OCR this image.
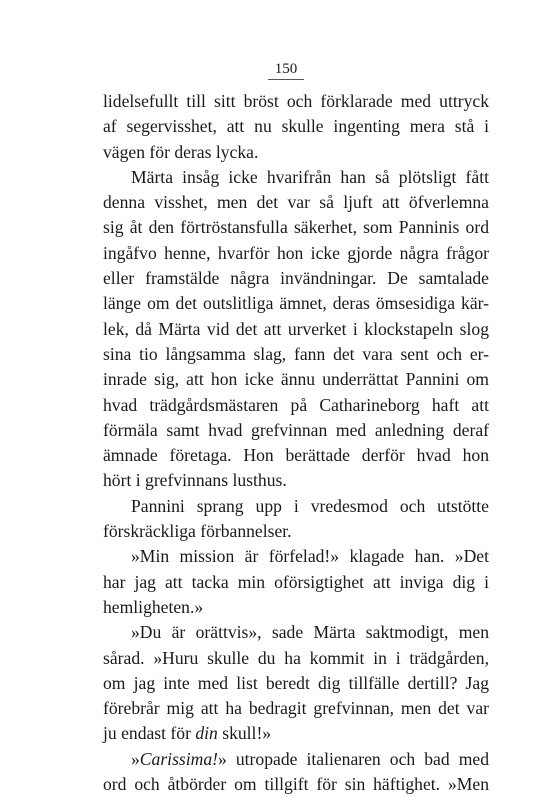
150
lidelsefullt till sitt bröst och förklarade med uttryck
af segervisshet, att nu skulle ingenting mera stå i
vägen för deras lycka.
Märta insåg icke hvarifrån han så plötsligt fått
denna visshet, men det var så ljuft att öfverlemna
sig åt den förtröstansfulla säkerhet, som Panninis ord
ingåfvo henne, hvarför hon icke gjorde några frågor
eller framstälde några invändningar. De samtalade
länge om det outslitliga ämnet, deras ömsesidiga kär-
lek, då Märta vid det att urverket i klockstapeln slog
sina tio långsamma slag, fann det vara sent och er-
inrade sig, att hon icke ännu underrättat Pannini om
hvad trädgårdsmästaren på Catharineborg haft att
förmäla samt hvad grefvinnan med anledning deraf
ämnade företaga. Hon berättade derför hvad hon
hört i grefvinnans lusthus.
Pannini sprang upp i vredesmod och utstötte
förskräckliga förbannelser.
»Min mission är förfelad!» klagade han. »Det
har jag att tacka min oförsigtighet att inviga dig i
hemligheten.»
»Du är orättvis», sade Märta saktmodigt, men
sårad. »Huru skulle du ha kommit in i trädgården,
om jag inte med list beredt dig tillfälle dertill? Jag
förebrår mig att ha bedragit grefvinnan, men det var
ju endast för din skull!»
»Carissima!» utropade italienaren och bad med
ord och åtbörder om tillgift för sin häftighet. »Men
